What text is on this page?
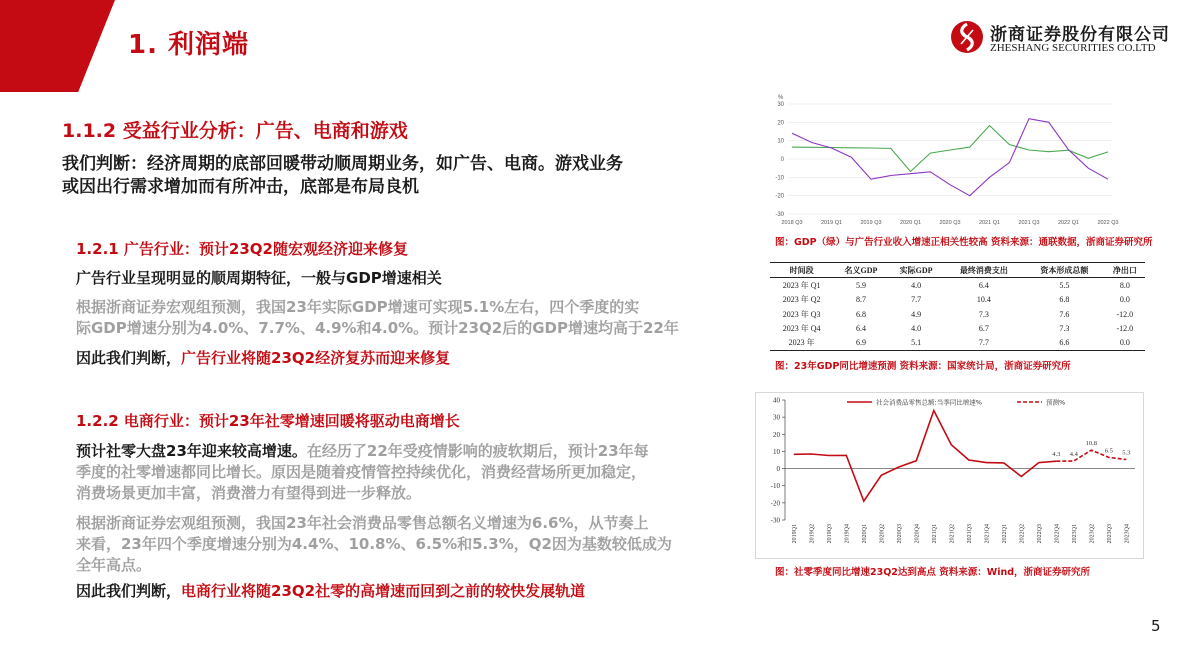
1. 利润端	浙商证券股份有限公司
ZHESHANG SECURITIES CO.LTD
1.1.2 受益行业分析：广告、电商和游戏
我们判断：经济周期的底部回暖带动顺周期业务，如广告、电商。游戏业务
或因出行需求增加而有所冲击，底部是布局良机
1.2.1 广告行业：预计23Q2随宏观经济迎来修复
广告行业呈现明显的顺周期特征，一般与GDP增速相关
根据浙商证券宏观组预测，我国23年实际GDP增速可实现5.1%左右，四个季度的实
际GDP增速分别为4.0%、7.7%、4.9%和4.0%。预计23Q2后的GDP增速均高于22年
因此我们判断，广告行业将随23Q2经济复苏而迎来修复
1.2.2 电商行业：预计23年社零增速回暖将驱动电商增长
预计社零大盘23年迎来较高增速。在经历了22年受疫情影响的疲软期后，预计23年每
季度的社零增速都同比增长。原因是随着疫情管控持续优化，消费经营场所更加稳定，
消费场景更加丰富，消费潜力有望得到进一步释放。
根据浙商证券宏观组预测，我国23年社会消费品零售总额名义增速为6.6%，从节奏上
来看，23年四个季度增速分别为4.4%、10.8%、6.5%和5.3%，Q2因为基数较低成为
全年高点。
因此我们判断，电商行业将随23Q2社零的高增速而回到之前的较快发展轨道
%
30
20
10
0
-10
-20
-30
2018 Q3	2019 Q1	2019 Q3	2020 Q1	2020 Q3	2021 Q1	2021 Q3	2022 Q1	2022 Q3
图：GDP（绿）与广告行业收入增速正相关性较高 资料来源：通联数据，浙商证券研究所
时间段	名义GDP	实际GDP	最终消费支出	资本形成总额	净出口
2023 年 Q1	5.9	4.0	6.4	5.5	8.0
2023 年 Q2	8.7	7.7	10.4	6.8	0.0
2023 年 Q3	6.8	4.9	7.3	7.6	-12.0
2023 年 Q4	6.4	4.0	6.7	7.3	-12.0
2023 年	6.9	5.1	7.7	6.6	0.0
图：23年GDP同比增速预测 资料来源：国家统计局，浙商证券研究所
40
30
20
10
0
-10
-20
-30
2019Q1 2019Q2 2019Q3 2019Q4 2020Q1 2020Q2 2020Q3 2020Q4 2021Q1 2021Q2 2021Q3 2021Q4 2022Q1 2022Q2 2022Q3 2022Q4 2023Q1 2023Q2 2023Q3 2023Q4
4.3 4.4
10.8
6.5 5.3
社会消费品零售总额:当季同比增速%	预测%
图：社零季度同比增速23Q2达到高点 资料来源：Wind，浙商证券研究所
5
